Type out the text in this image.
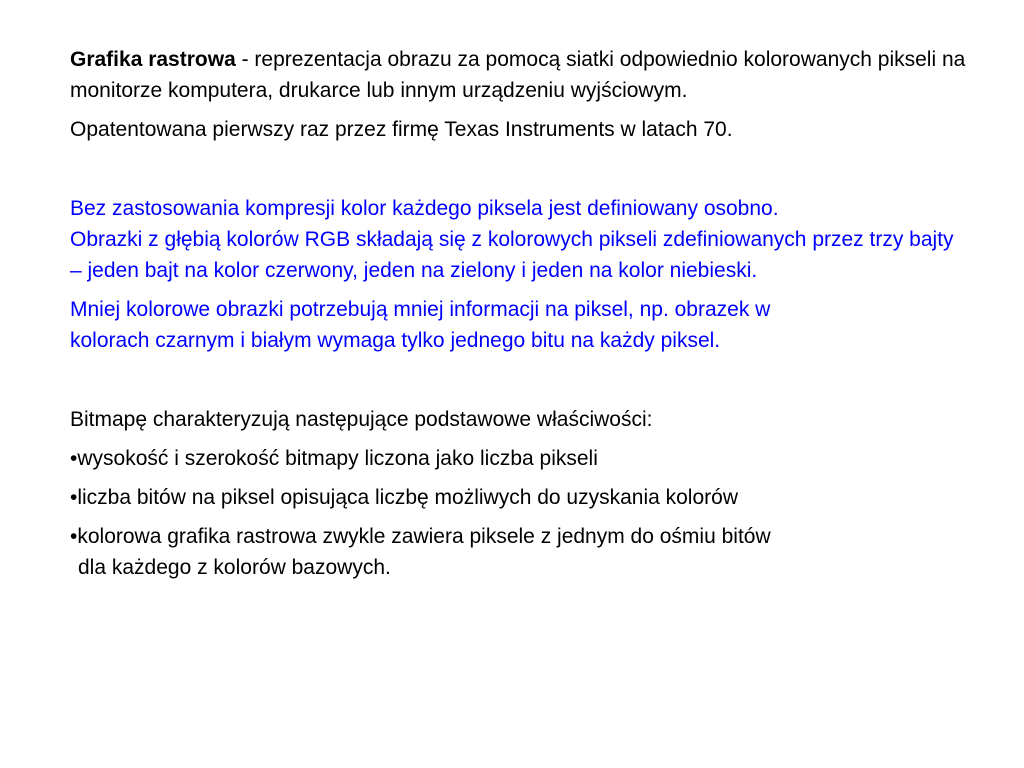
Grafika rastrowa - reprezentacja obrazu za pomocą siatki odpowiednio kolorowanych pikseli na monitorze komputera, drukarce lub innym urządzeniu wyjściowym.

Opatentowana pierwszy raz przez firmę Texas Instruments w latach 70.

Bez zastosowania kompresji kolor każdego piksela jest definiowany osobno.
Obrazki z głębią kolorów RGB składają się z kolorowych pikseli zdefiniowanych przez trzy bajty – jeden bajt na kolor czerwony, jeden na zielony i jeden na kolor niebieski.

Mniej kolorowe obrazki potrzebują mniej informacji na piksel, np. obrazek w
kolorach czarnym i białym wymaga tylko jednego bitu na każdy piksel.

Bitmapę charakteryzują następujące podstawowe właściwości:

•wysokość i szerokość bitmapy liczona jako liczba pikseli

•liczba bitów na piksel opisująca liczbę możliwych do uzyskania kolorów

•kolorowa grafika rastrowa zwykle zawiera piksele z jednym do ośmiu bitów
dla każdego z kolorów bazowych.
